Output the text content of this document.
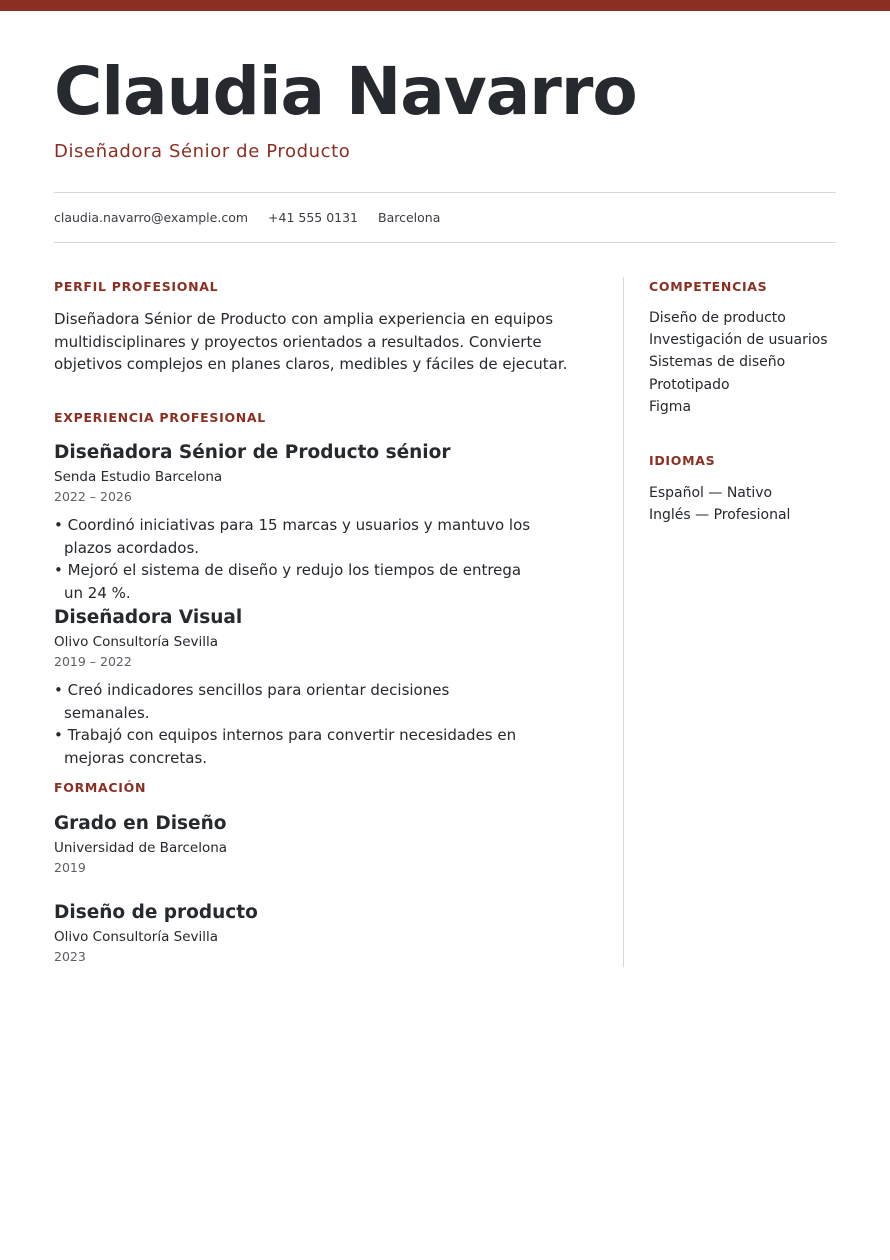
Claudia Navarro
Diseñadora Sénior de Producto
claudia.navarro@example.com +41 555 0131 Barcelona
PERFIL PROFESIONAL

Diseñadora Sénior de Producto con amplia experiencia en equipos multidisciplinares y proyectos orientados a resultados. Convierte objetivos complejos en planes claros, medibles y fáciles de ejecutar.

EXPERIENCIA PROFESIONAL
Diseñadora Sénior de Producto sénior
Senda Estudio Barcelona
2022 – 2026
• Coordinó iniciativas para 15 marcas y usuarios y mantuvo los plazos acordados.
• Mejoró el sistema de diseño y redujo los tiempos de entrega un 24 %.
Diseñadora Visual
Olivo Consultoría Sevilla
2019 – 2022
• Creó indicadores sencillos para orientar decisiones semanales.
• Trabajó con equipos internos para convertir necesidades en mejoras concretas.
FORMACIÓN
Grado en Diseño
Universidad de Barcelona
2019
Diseño de producto
Olivo Consultoría Sevilla
2023
COMPETENCIAS
Diseño de producto
Investigación de usuarios
Sistemas de diseño
Prototipado
Figma
IDIOMAS
Español — Nativo
Inglés — Profesional
